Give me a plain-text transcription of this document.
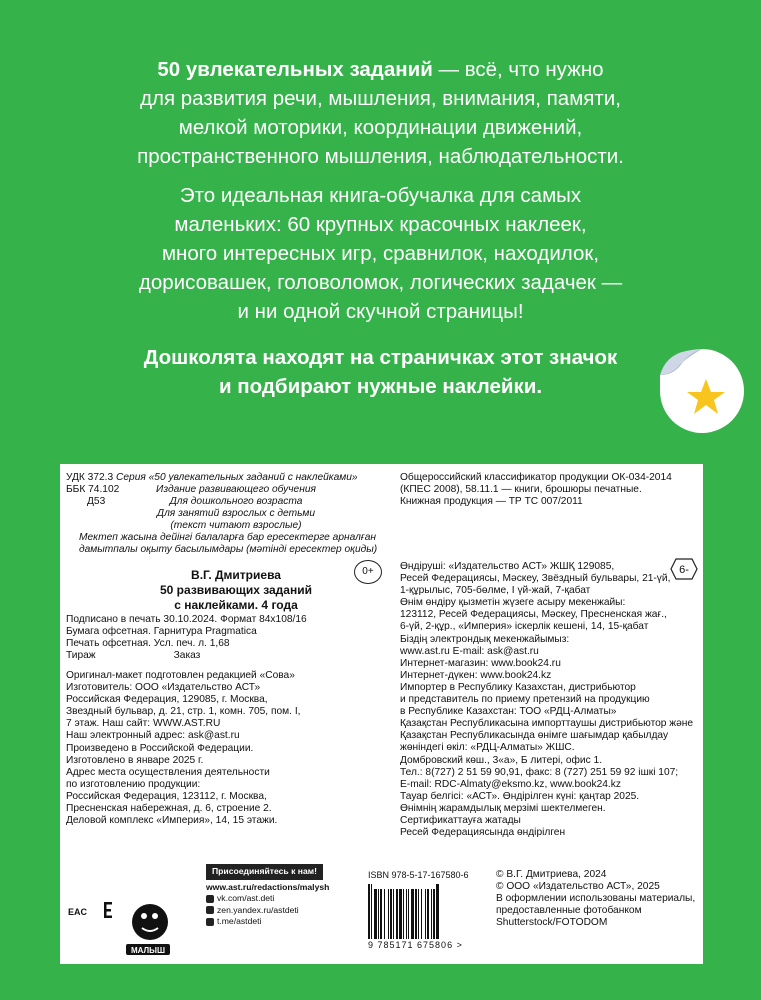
50 увлекательных заданий — всё, что нужно
для развития речи, мышления, внимания, памяти,
мелкой моторики, координации движений,
пространственного мышления, наблюдательности.

Это идеальная книга-обучалка для самых
маленьких: 60 крупных красочных наклеек,
много интересных игр, сравнилок, находилок,
дорисовашек, головоломок, логических задачек —
и ни одной скучной страницы!

Дошколята находят на страничках этот значок
и подбирают нужные наклейки.

УДК 372.3
ББК 74.102
Д53
Серия «50 увлекательных заданий с наклейками»
Издание развивающего обучения
Для дошкольного возраста
Для занятий взрослых с детьми
(текст читают взрослые)
Мектеп жасына дейінгі балаларға бар ересектерге арналған
дамытпалы оқыту басылымдары (мәтінді ересектер оқиды)
В.Г. Дмитриева
50 развивающих заданий
с наклейками. 4 года
0+
Подписано в печать 30.10.2024. Формат 84х108/16
Бумага офсетная. Гарнитура Pragmatica
Печать офсетная. Усл. печ. л. 1,68
Тираж	Заказ
Оригинал-макет подготовлен редакцией «Сова»
Изготовитель: ООО «Издательство АСТ»
Российская Федерация, 129085, г. Москва,
Звездный бульвар, д. 21, стр. 1, комн. 705, пом. I,
7 этаж. Наш сайт: WWW.AST.RU
Наш электронный адрес: ask@ast.ru
Произведено в Российской Федерации.
Изготовлено в январе 2025 г.
Адрес места осуществления деятельности
по изготовлению продукции:
Российская Федерация, 123112, г. Москва,
Пресненская набережная, д. 6, строение 2.
Деловой комплекс «Империя», 14, 15 этажи.
Общероссийский классификатор продукции ОК-034-2014
(КПЕС 2008), 58.11.1 — книги, брошюры печатные.
Книжная продукция — ТР ТС 007/2011
6-
Өндіруші: «Издательство АСТ» ЖШҚ 129085,
Ресей Федерациясы, Мәскеу, Звёздный бульвары, 21-үй,
1-құрылыс, 705-бөлме, I үй-жай, 7-қабат
Өнім өндіру қызметін жүзеге асыру мекенжайы:
123112, Ресей Федерациясы, Мәскеу, Пресненская жағ.,
6-үй, 2-құр., «Империя» іскерлік кешені, 14, 15-қабат
Біздің электрондық мекенжайымыз:
www.ast.ru E-mail: ask@ast.ru
Интернет-магазин: www.book24.ru
Интернет-дүкен: www.book24.kz
Импортер в Республику Казахстан, дистрибьютор
и представитель по приему претензий на продукцию
в Республике Казахстан: ТОО «РДЦ-Алматы»
Қазақстан Республикасына импорттаушы дистрибьютор және
Қазақстан Республикасында өнімге шағымдар қабылдау
жөніндегі өкіл: «РДЦ-Алматы» ЖШС.
Домбровский көш., 3«а», Б литері, офис 1.
Тел.: 8(727) 2 51 59 90,91, факс: 8 (727) 251 59 92 ішкі 107;
E-mail: RDC-Almaty@eksmo.kz, www.book24.kz
Тауар белгісі: «АСТ». Өндірілген күні: қаңтар 2025.
Өнімнің жарамдылық мерзімі шектелмеген.
Сертификаттауға жатады
Ресей Федерациясында өндірілген
МАЛЫШ
EAC
Присоединяйтесь к нам!
www.ast.ru/redactions/malysh
vk.com/ast.deti
zen.yandex.ru/astdeti
t.me/astdeti
ISBN 978-5-17-167580-6
9 785171 675806 >
© В.Г. Дмитриева, 2024
© ООО «Издательство АСТ», 2025
В оформлении использованы материалы,
предоставленные фотобанком
Shutterstock/FOTODOM
